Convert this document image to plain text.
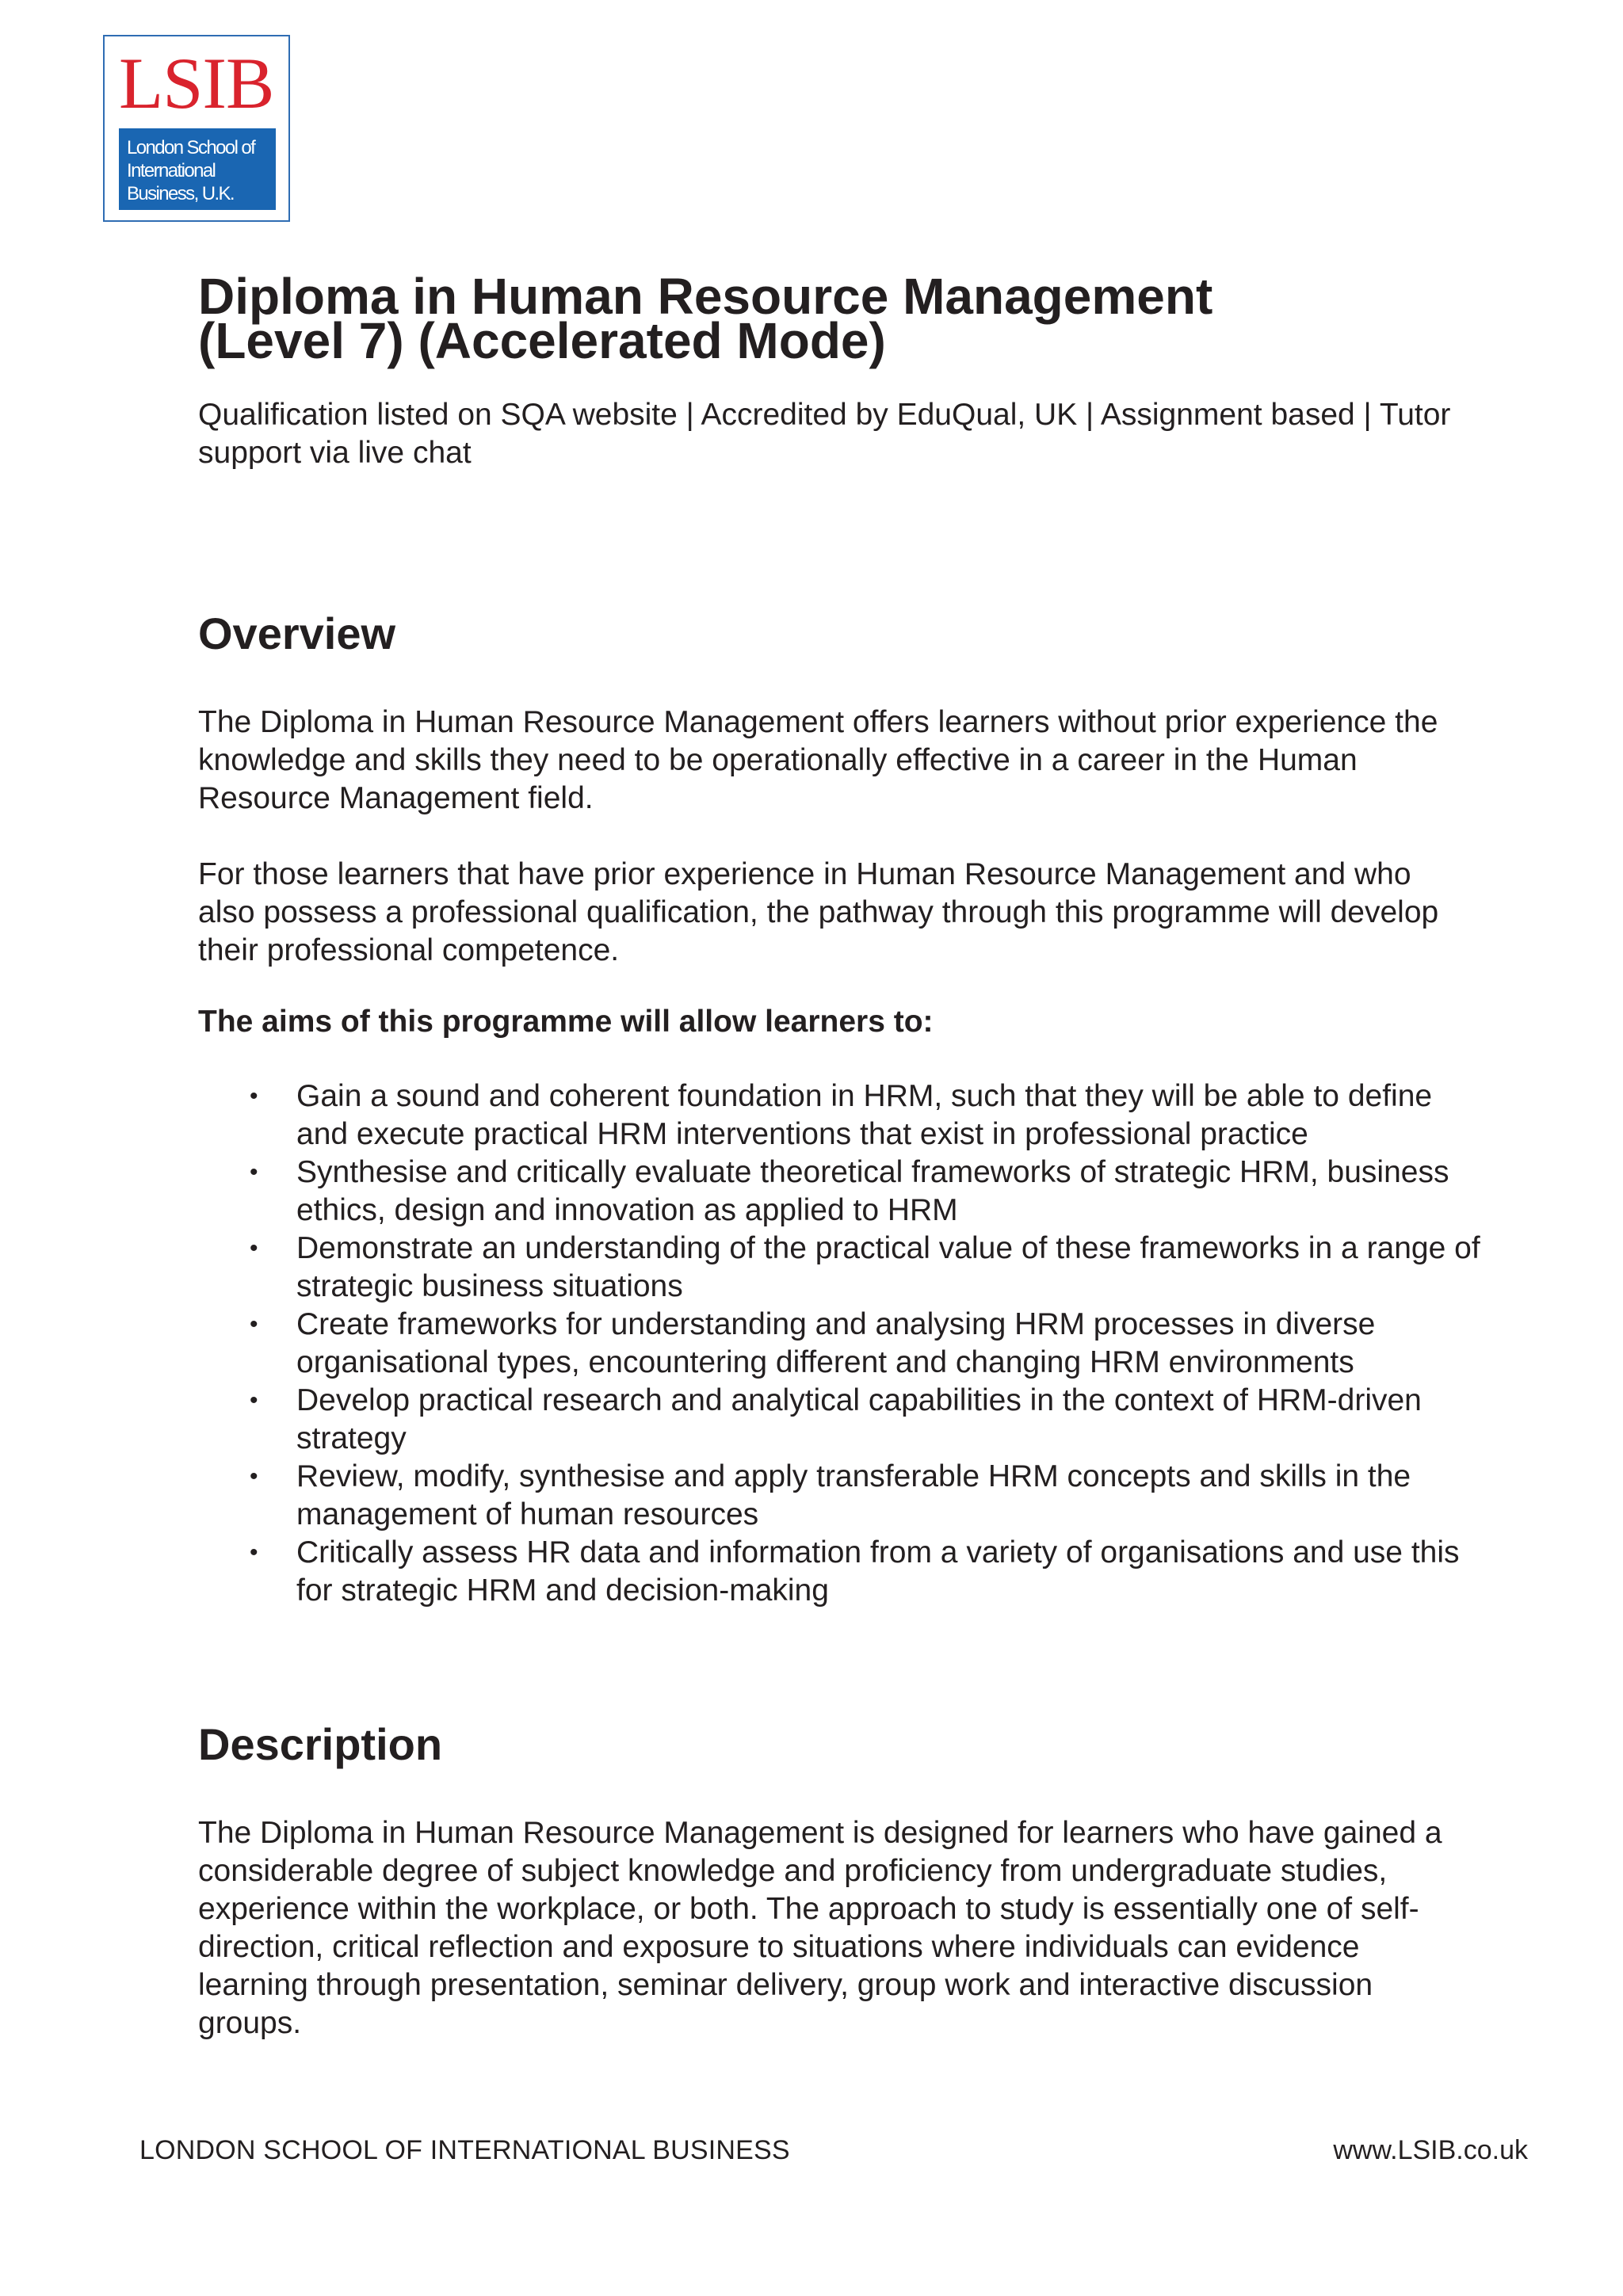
LSIB
London School of
International
Business, U.K.
Diploma in Human Resource Management
(Level 7) (Accelerated Mode)

Qualification listed on SQA website | Accredited by EduQual, UK | Assignment based | Tutor support via live chat

Overview

The Diploma in Human Resource Management offers learners without prior experience the knowledge and skills they need to be operationally effective in a career in the Human Resource Management field.

For those learners that have prior experience in Human Resource Management and who also possess a professional qualification, the pathway through this programme will develop their professional competence.

The aims of this programme will allow learners to:

• Gain a sound and coherent foundation in HRM, such that they will be able to define and execute practical HRM interventions that exist in professional practice
• Synthesise and critically evaluate theoretical frameworks of strategic HRM, business ethics, design and innovation as applied to HRM
• Demonstrate an understanding of the practical value of these frameworks in a range of strategic business situations
• Create frameworks for understanding and analysing HRM processes in diverse organisational types, encountering different and changing HRM environments
• Develop practical research and analytical capabilities in the context of HRM-driven strategy
• Review, modify, synthesise and apply transferable HRM concepts and skills in the management of human resources
• Critically assess HR data and information from a variety of organisations and use this for strategic HRM and decision-making
Description

The Diploma in Human Resource Management is designed for learners who have gained a considerable degree of subject knowledge and proficiency from undergraduate studies, experience within the workplace, or both. The approach to study is essentially one of self-direction, critical reflection and exposure to situations where individuals can evidence learning through presentation, seminar delivery, group work and interactive discussion groups.

LONDON SCHOOL OF INTERNATIONAL BUSINESS	www.LSIB.co.uk
